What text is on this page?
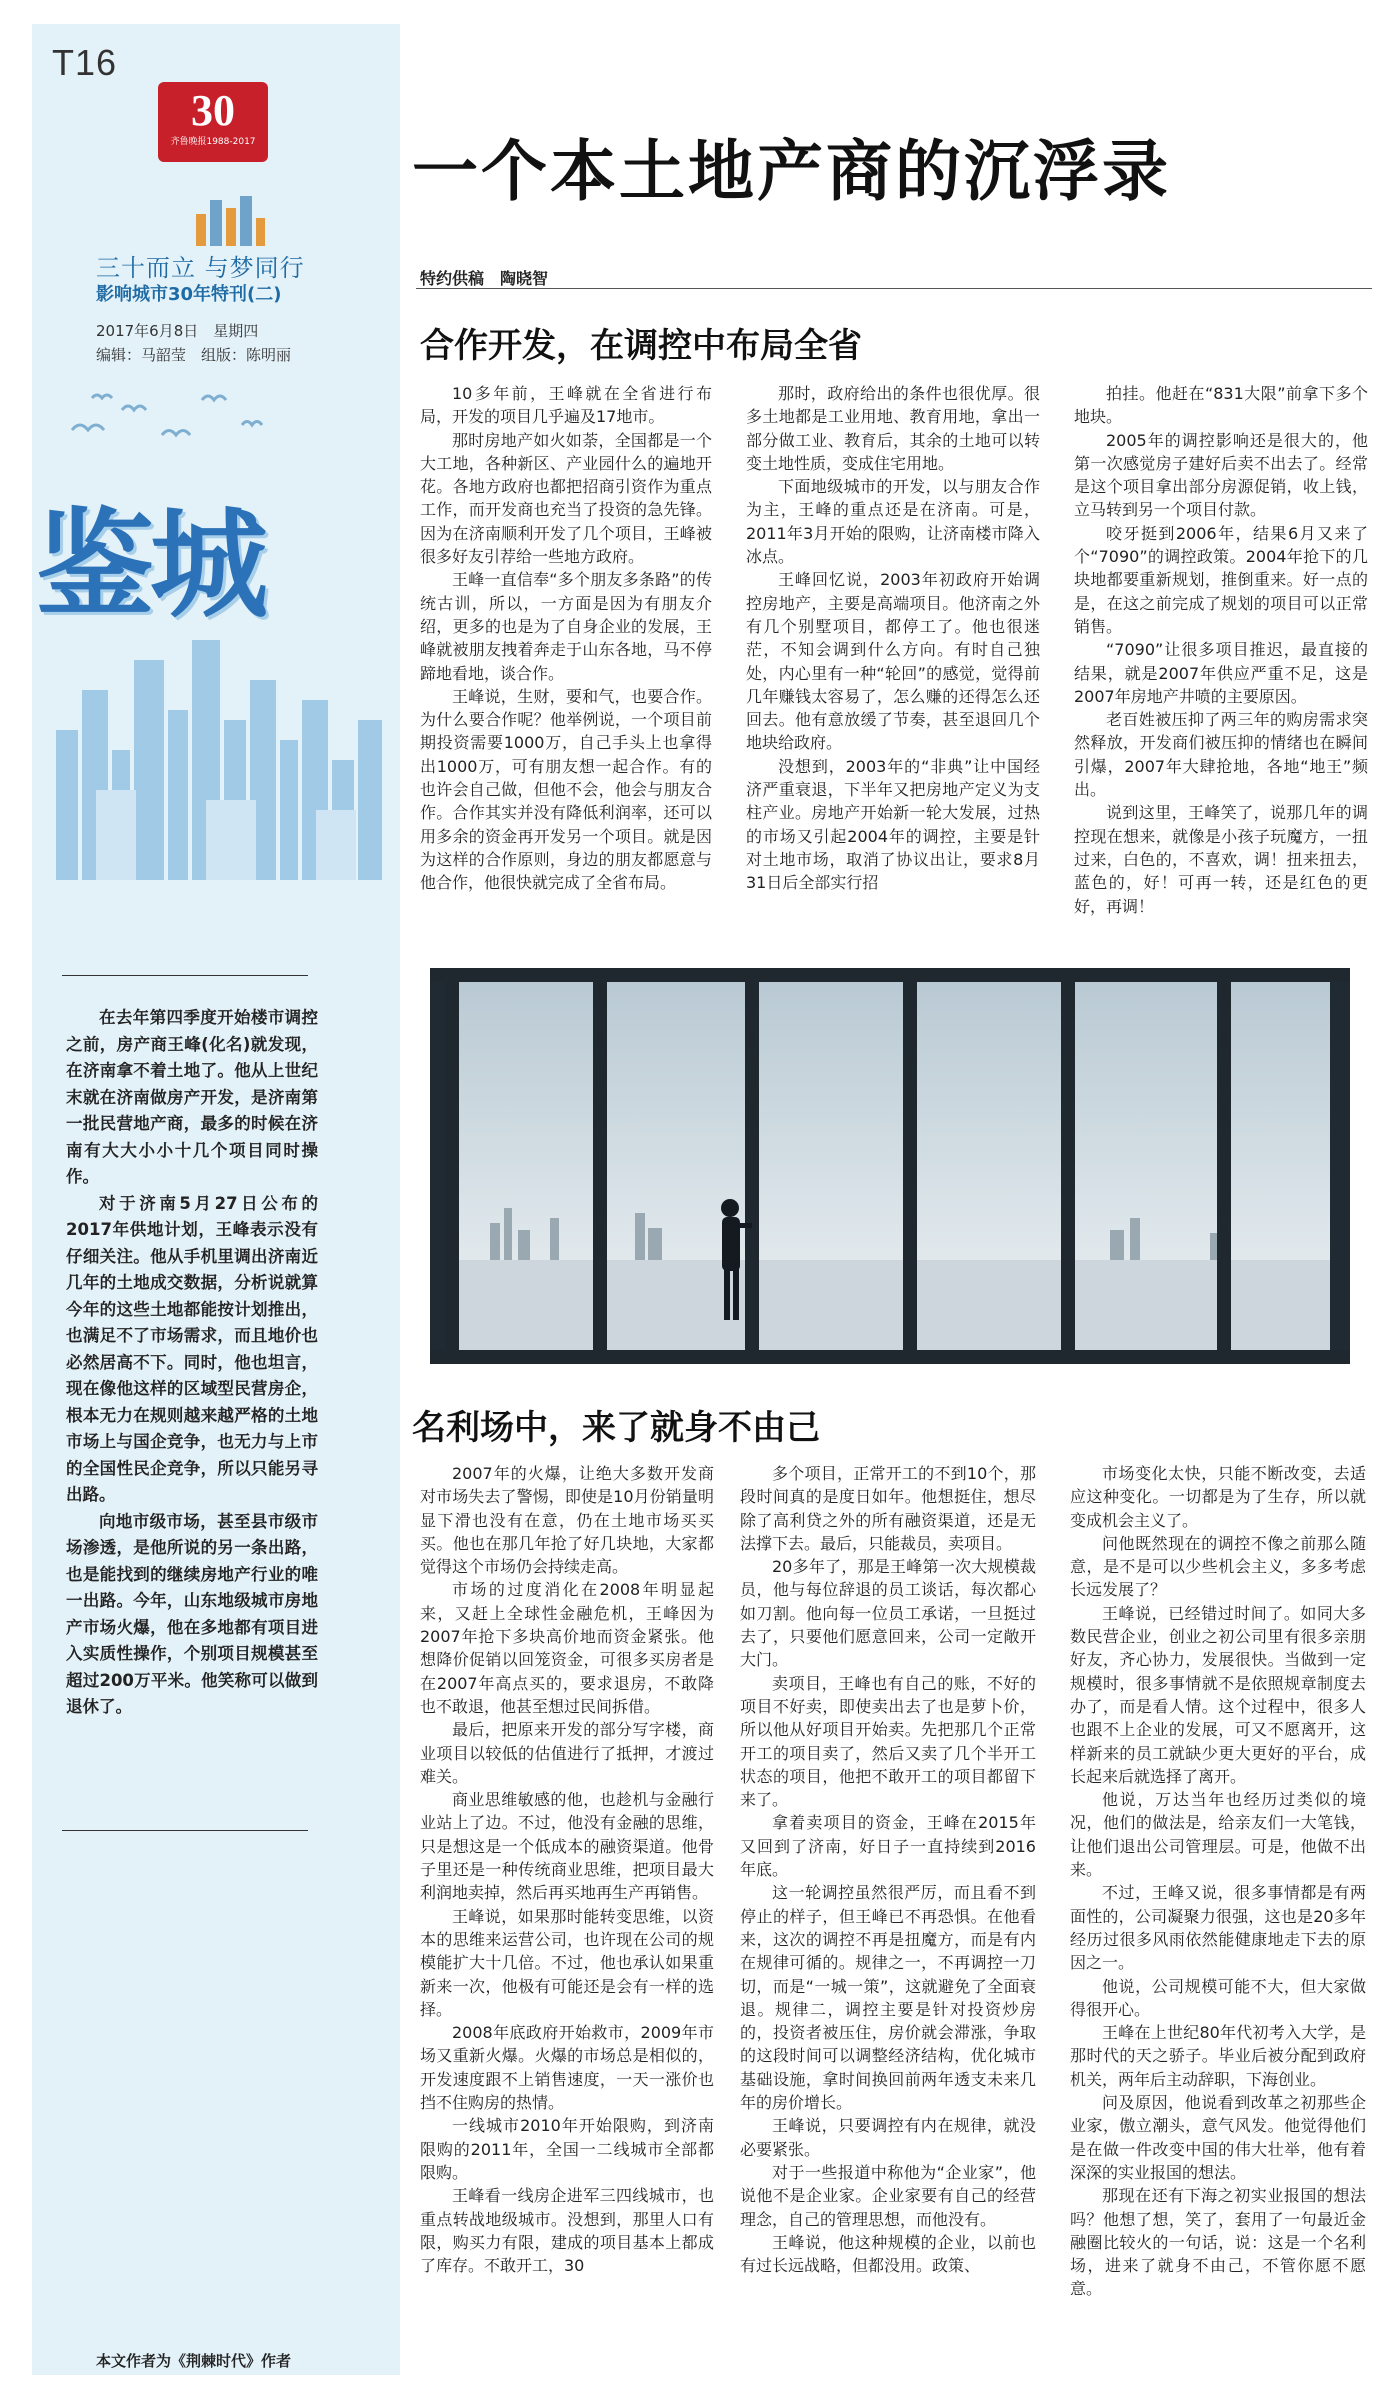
T16
30
齐鲁晚报1988-2017
三十而立 与梦同行
影响城市30年特刊(二)
2017年6月8日　星期四
编辑：马韶莹　组版：陈明丽
鉴城

在去年第四季度开始楼市调控之前，房产商王峰(化名)就发现，在济南拿不着土地了。他从上世纪末就在济南做房产开发，是济南第一批民营地产商，最多的时候在济南有大大小小十几个项目同时操作。

对于济南5月27日公布的2017年供地计划，王峰表示没有仔细关注。他从手机里调出济南近几年的土地成交数据，分析说就算今年的这些土地都能按计划推出，也满足不了市场需求，而且地价也必然居高不下。同时，他也坦言，现在像他这样的区域型民营房企，根本无力在规则越来越严格的土地市场上与国企竞争，也无力与上市的全国性民企竞争，所以只能另寻出路。

向地市级市场，甚至县市级市场渗透，是他所说的另一条出路，也是能找到的继续房地产行业的唯一出路。今年，山东地级城市房地产市场火爆，他在多地都有项目进入实质性操作，个别项目规模甚至超过200万平米。他笑称可以做到退休了。

本文作者为《荆棘时代》作者
一个本土地产商的沉浮录
特约供稿　陶晓智
合作开发，在调控中布局全省

10多年前，王峰就在全省进行布局，开发的项目几乎遍及17地市。

那时房地产如火如荼，全国都是一个大工地，各种新区、产业园什么的遍地开花。各地方政府也都把招商引资作为重点工作，而开发商也充当了投资的急先锋。因为在济南顺利开发了几个项目，王峰被很多好友引荐给一些地方政府。

王峰一直信奉“多个朋友多条路”的传统古训，所以，一方面是因为有朋友介绍，更多的也是为了自身企业的发展，王峰就被朋友拽着奔走于山东各地，马不停蹄地看地，谈合作。

王峰说，生财，要和气，也要合作。为什么要合作呢？他举例说，一个项目前期投资需要1000万，自己手头上也拿得出1000万，可有朋友想一起合作。有的也许会自己做，但他不会，他会与朋友合作。合作其实并没有降低利润率，还可以用多余的资金再开发另一个项目。就是因为这样的合作原则，身边的朋友都愿意与他合作，他很快就完成了全省布局。

那时，政府给出的条件也很优厚。很多土地都是工业用地、教育用地，拿出一部分做工业、教育后，其余的土地可以转变土地性质，变成住宅用地。

下面地级城市的开发，以与朋友合作为主，王峰的重点还是在济南。可是，2011年3月开始的限购，让济南楼市降入冰点。

王峰回忆说，2003年初政府开始调控房地产，主要是高端项目。他济南之外有几个别墅项目，都停工了。他也很迷茫，不知会调到什么方向。有时自己独处，内心里有一种“轮回”的感觉，觉得前几年赚钱太容易了，怎么赚的还得怎么还回去。他有意放缓了节奏，甚至退回几个地块给政府。

没想到，2003年的“非典”让中国经济严重衰退，下半年又把房地产定义为支柱产业。房地产开始新一轮大发展，过热的市场又引起2004年的调控，主要是针对土地市场，取消了协议出让，要求8月31日后全部实行招

拍挂。他赶在“831大限”前拿下多个地块。

2005年的调控影响还是很大的，他第一次感觉房子建好后卖不出去了。经常是这个项目拿出部分房源促销，收上钱，立马转到另一个项目付款。

咬牙挺到2006年，结果6月又来了个“7090”的调控政策。2004年抢下的几块地都要重新规划，推倒重来。好一点的是，在这之前完成了规划的项目可以正常销售。

“7090”让很多项目推迟，最直接的结果，就是2007年供应严重不足，这是2007年房地产井喷的主要原因。

老百姓被压抑了两三年的购房需求突然释放，开发商们被压抑的情绪也在瞬间引爆，2007年大肆抢地，各地“地王”频出。

说到这里，王峰笑了，说那几年的调控现在想来，就像是小孩子玩魔方，一扭过来，白色的，不喜欢，调！扭来扭去，蓝色的，好！可再一转，还是红色的更好，再调！

名利场中，来了就身不由己

2007年的火爆，让绝大多数开发商对市场失去了警惕，即使是10月份销量明显下滑也没有在意，仍在土地市场买买买。他也在那几年抢了好几块地，大家都觉得这个市场仍会持续走高。

市场的过度消化在2008年明显起来，又赶上全球性金融危机，王峰因为2007年抢下多块高价地而资金紧张。他想降价促销以回笼资金，可很多买房者是在2007年高点买的，要求退房，不敢降也不敢退，他甚至想过民间拆借。

最后，把原来开发的部分写字楼，商业项目以较低的估值进行了抵押，才渡过难关。

商业思维敏感的他，也趁机与金融行业站上了边。不过，他没有金融的思维，只是想这是一个低成本的融资渠道。他骨子里还是一种传统商业思维，把项目最大利润地卖掉，然后再买地再生产再销售。

王峰说，如果那时能转变思维，以资本的思维来运营公司，也许现在公司的规模能扩大十几倍。不过，他也承认如果重新来一次，他极有可能还是会有一样的选择。

2008年底政府开始救市，2009年市场又重新火爆。火爆的市场总是相似的，开发速度跟不上销售速度，一天一涨价也挡不住购房的热情。

一线城市2010年开始限购，到济南限购的2011年，全国一二线城市全部都限购。

王峰看一线房企进军三四线城市，也重点转战地级城市。没想到，那里人口有限，购买力有限，建成的项目基本上都成了库存。不敢开工，30

多个项目，正常开工的不到10个，那段时间真的是度日如年。他想挺住，想尽除了高利贷之外的所有融资渠道，还是无法撑下去。最后，只能裁员，卖项目。

20多年了，那是王峰第一次大规模裁员，他与每位辞退的员工谈话，每次都心如刀割。他向每一位员工承诺，一旦挺过去了，只要他们愿意回来，公司一定敞开大门。

卖项目，王峰也有自己的账，不好的项目不好卖，即使卖出去了也是萝卜价，所以他从好项目开始卖。先把那几个正常开工的项目卖了，然后又卖了几个半开工状态的项目，他把不敢开工的项目都留下来了。

拿着卖项目的资金，王峰在2015年又回到了济南，好日子一直持续到2016年底。

这一轮调控虽然很严厉，而且看不到停止的样子，但王峰已不再恐惧。在他看来，这次的调控不再是扭魔方，而是有内在规律可循的。规律之一，不再调控一刀切，而是“一城一策”，这就避免了全面衰退。规律二，调控主要是针对投资炒房的，投资者被压住，房价就会滞涨，争取的这段时间可以调整经济结构，优化城市基础设施，拿时间换回前两年透支未来几年的房价增长。

王峰说，只要调控有内在规律，就没必要紧张。

对于一些报道中称他为“企业家”，他说他不是企业家。企业家要有自己的经营理念，自己的管理思想，而他没有。

王峰说，他这种规模的企业，以前也有过长远战略，但都没用。政策、

市场变化太快，只能不断改变，去适应这种变化。一切都是为了生存，所以就变成机会主义了。

问他既然现在的调控不像之前那么随意，是不是可以少些机会主义，多多考虑长远发展了？

王峰说，已经错过时间了。如同大多数民营企业，创业之初公司里有很多亲朋好友，齐心协力，发展很快。当做到一定规模时，很多事情就不是依照规章制度去办了，而是看人情。这个过程中，很多人也跟不上企业的发展，可又不愿离开，这样新来的员工就缺少更大更好的平台，成长起来后就选择了离开。

他说，万达当年也经历过类似的境况，他们的做法是，给亲友们一大笔钱，让他们退出公司管理层。可是，他做不出来。

不过，王峰又说，很多事情都是有两面性的，公司凝聚力很强，这也是20多年经历过很多风雨依然能健康地走下去的原因之一。

他说，公司规模可能不大，但大家做得很开心。

王峰在上世纪80年代初考入大学，是那时代的天之骄子。毕业后被分配到政府机关，两年后主动辞职，下海创业。

问及原因，他说看到改革之初那些企业家，傲立潮头，意气风发。他觉得他们是在做一件改变中国的伟大壮举，他有着深深的实业报国的想法。

那现在还有下海之初实业报国的想法吗？他想了想，笑了，套用了一句最近金融圈比较火的一句话，说：这是一个名利场，进来了就身不由己，不管你愿不愿意。
